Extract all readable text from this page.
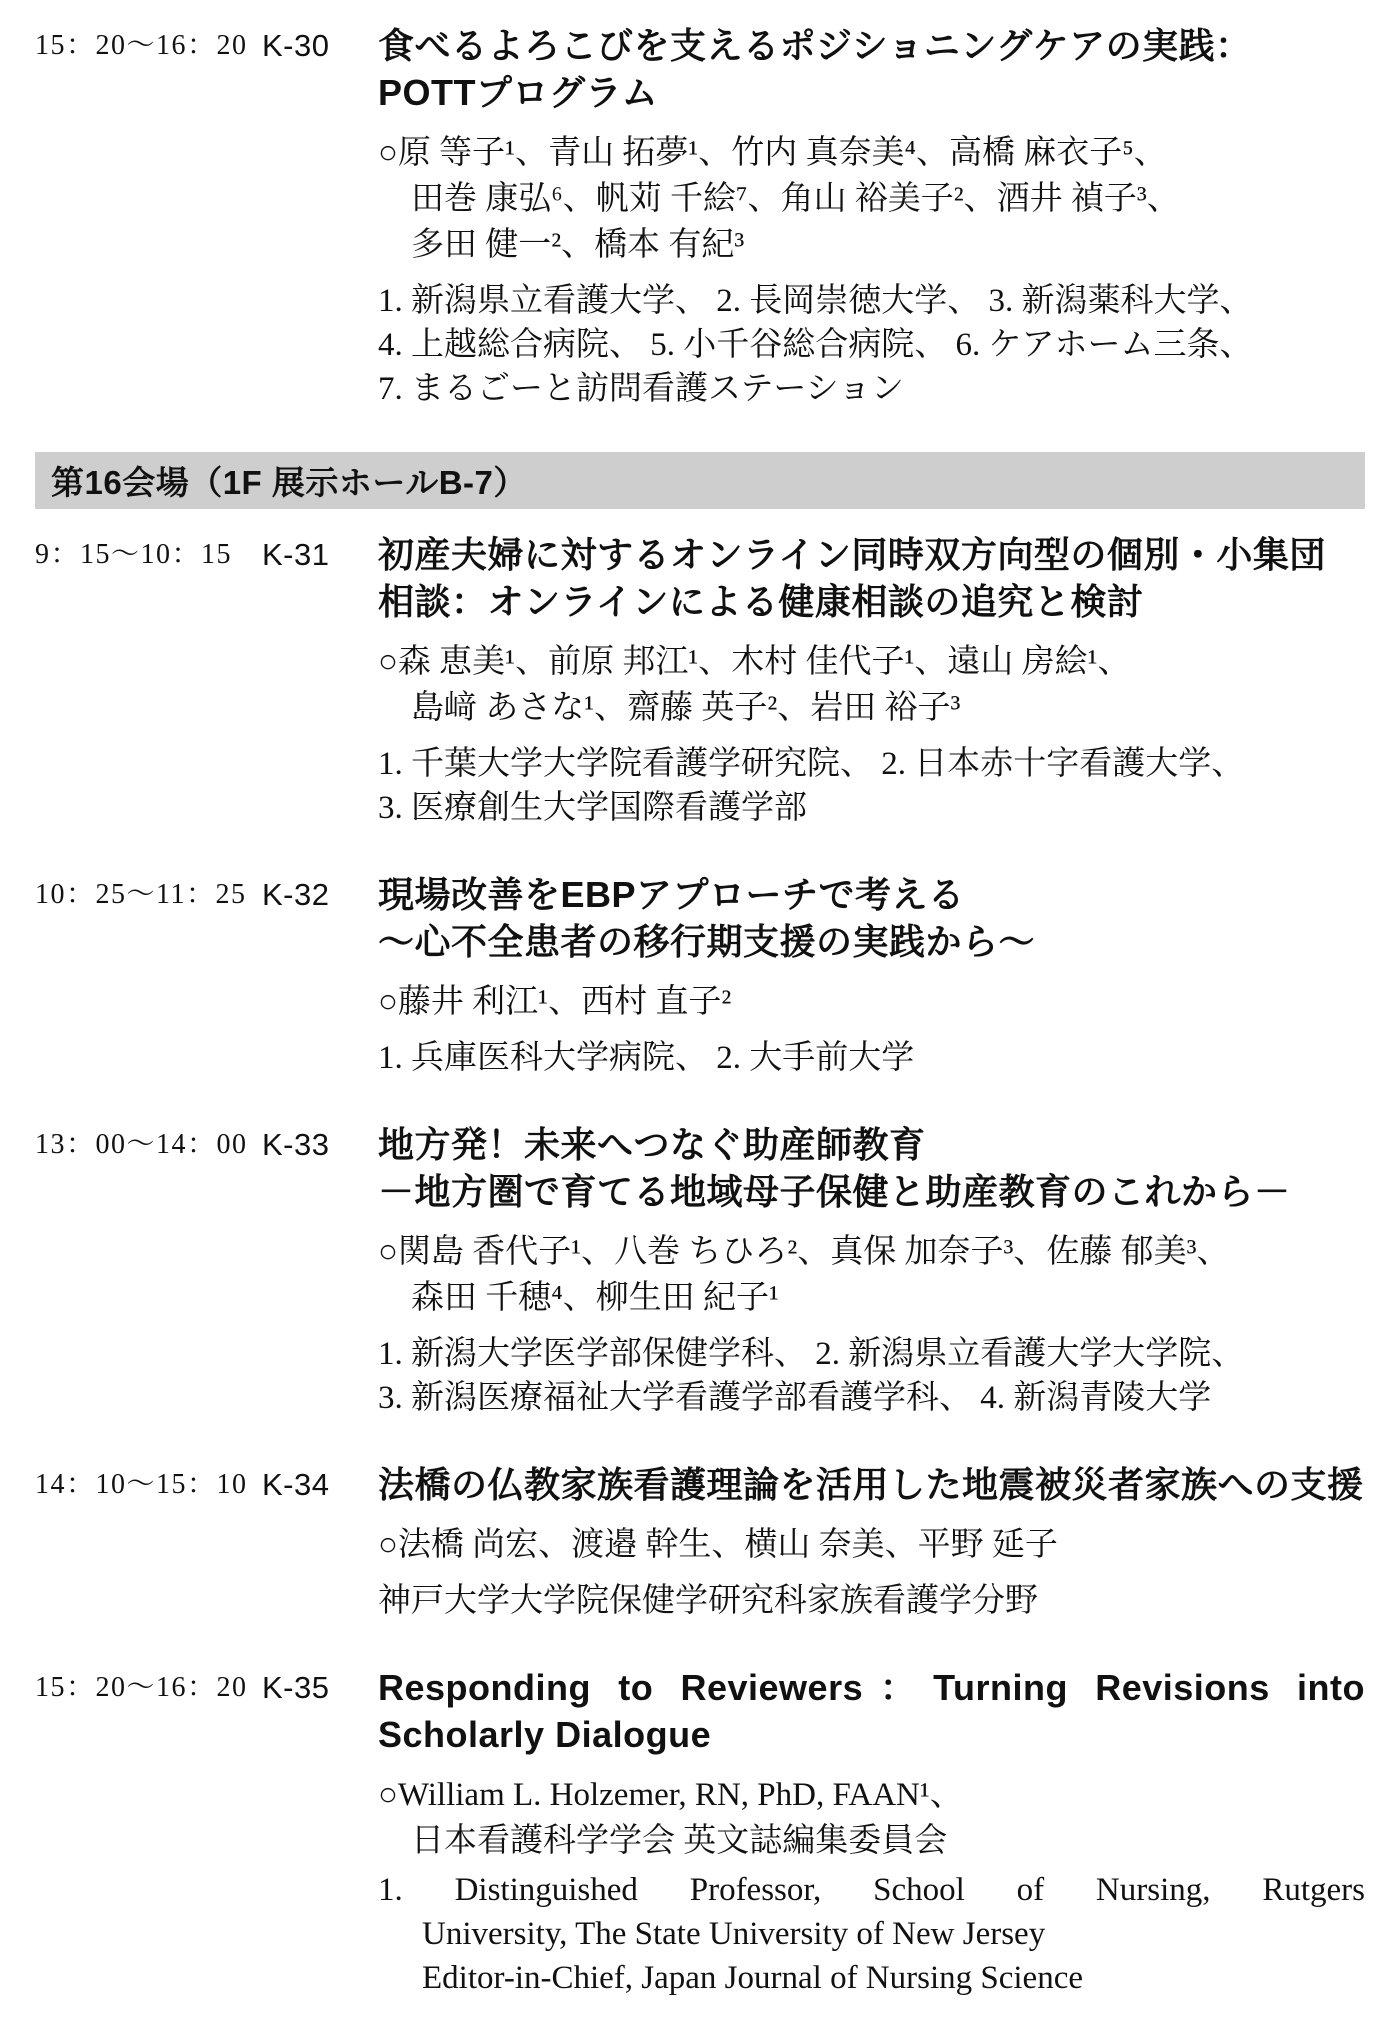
15：20～16：20 K-30	食べるよろこびを支えるポジショニングケアの実践：
POTTプログラム
○原 等子¹、青山 拓夢¹、竹内 真奈美⁴、高橋 麻衣子⁵、
田巻 康弘⁶、帆苅 千絵⁷、角山 裕美子²、酒井 禎子³、
多田 健一²、橋本 有紀³
1. 新潟県立看護大学、 2. 長岡崇徳大学、 3. 新潟薬科大学、
4. 上越総合病院、 5. 小千谷総合病院、 6. ケアホーム三条、
7. まるごーと訪問看護ステーション
第16会場（1F 展示ホールB-7）
9：15～10：15 K-31	初産夫婦に対するオンライン同時双方向型の個別・小集団
相談：オンラインによる健康相談の追究と検討
○森 恵美¹、前原 邦江¹、木村 佳代子¹、遠山 房絵¹、
島﨑 あさな¹、齋藤 英子²、岩田 裕子³
1. 千葉大学大学院看護学研究院、 2. 日本赤十字看護大学、
3. 医療創生大学国際看護学部
10：25～11：25 K-32	現場改善をEBPアプローチで考える
～心不全患者の移行期支援の実践から～
○藤井 利江¹、西村 直子²
1. 兵庫医科大学病院、 2. 大手前大学
13：00～14：00 K-33	地方発！未来へつなぐ助産師教育
－地方圏で育てる地域母子保健と助産教育のこれから－
○関島 香代子¹、八巻 ちひろ²、真保 加奈子³、佐藤 郁美³、
森田 千穂⁴、柳生田 紀子¹
1. 新潟大学医学部保健学科、 2. 新潟県立看護大学大学院、
3. 新潟医療福祉大学看護学部看護学科、 4. 新潟青陵大学
14：10～15：10 K-34	法橋の仏教家族看護理論を活用した地震被災者家族への支援
○法橋 尚宏、渡邉 幹生、横山 奈美、平野 延子
神戸大学大学院保健学研究科家族看護学分野
15：20～16：20 K-35	Responding to Reviewers：Turning Revisions into
Scholarly Dialogue
○William L. Holzemer, RN, PhD, FAAN¹、
日本看護科学学会 英文誌編集委員会
1. Distinguished Professor, School of Nursing, Rutgers
University, The State University of New Jersey
Editor-in-Chief, Japan Journal of Nursing Science
